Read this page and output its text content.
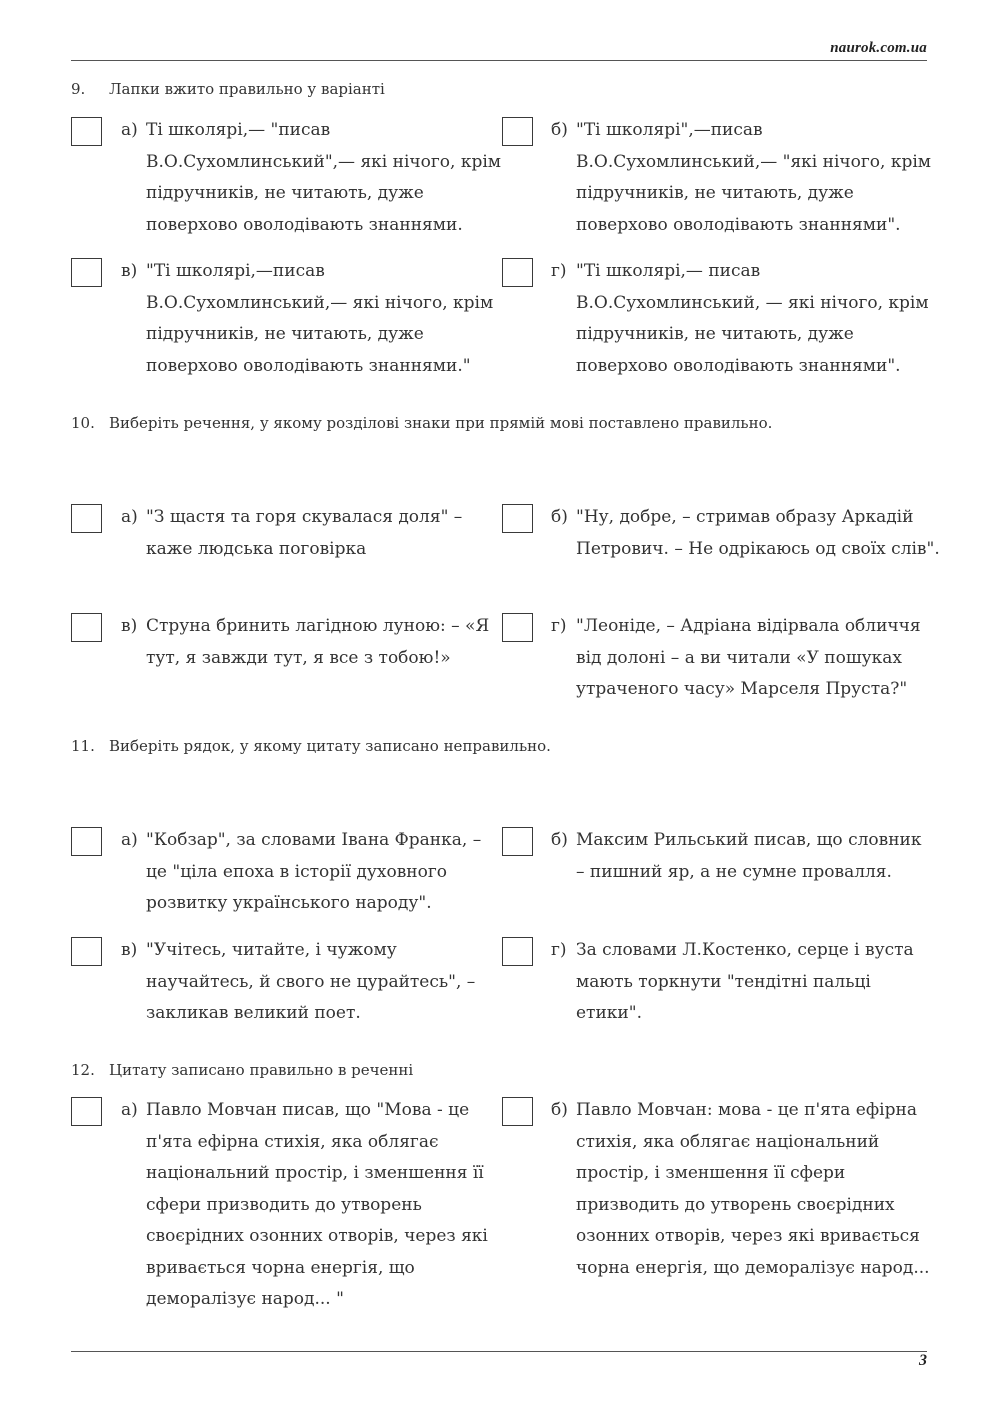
naurok.com.ua
9. Лапки вжито правильно у варіанті
а) Ті школярі,— "писав В.О.Сухомлинський",— які нічого, крім підручників, не читають, дуже поверхово оволодівають знаннями.
б) "Ті школярі",—писав В.О.Сухомлинський,— "які нічого, крім підручників, не читають, дуже поверхово оволодівають знаннями".
в) "Ті школярі,—писав В.О.Сухомлинський,— які нічого, крім підручників, не читають, дуже поверхово оволодівають знаннями."
г) "Ті школярі,— писав В.О.Сухомлинський, — які нічого, крім підручників, не читають, дуже поверхово оволодівають знаннями".
10. Виберіть речення, у якому розділові знаки при прямій мові поставлено правильно.
а) "З щастя та горя скувалася доля" – каже людська поговірка
б) "Ну, добре, – стримав образу Аркадій Петрович. – Не одрікаюсь од своїх слів".
в) Струна бринить лагідною луною: – «Я тут, я завжди тут, я все з тобою!»
г) "Леоніде, – Адріана відірвала обличчя від долоні – а ви читали «У пошуках утраченого часу» Марселя Пруста?"
11. Виберіть рядок, у якому цитату записано неправильно.
а) "Кобзар", за словами Івана Франка, – це "ціла епоха в історії духовного розвитку українського народу".
б) Максим Рильський писав, що словник – пишний яр, а не сумне провалля.
в) "Учітесь, читайте, і чужому научайтесь, й свого не цурайтесь", – закликав великий поет.
г) За словами Л.Костенко, серце і вуста мають торкнути "тендітні пальці етики".
12. Цитату записано правильно в реченні
а) Павло Мовчан писав, що "Мова - це п'ята ефірна стихія, яка облягає національний простір, і зменшення її сфери призводить до утворень своєрідних озонних отворів, через які вривається чорна енергія, що деморалізує народ... "
б) Павло Мовчан: мова - це п'ята ефірна стихія, яка облягає національний простір, і зменшення її сфери призводить до утворень своєрідних озонних отворів, через які вривається чорна енергія, що деморалізує народ...
3
